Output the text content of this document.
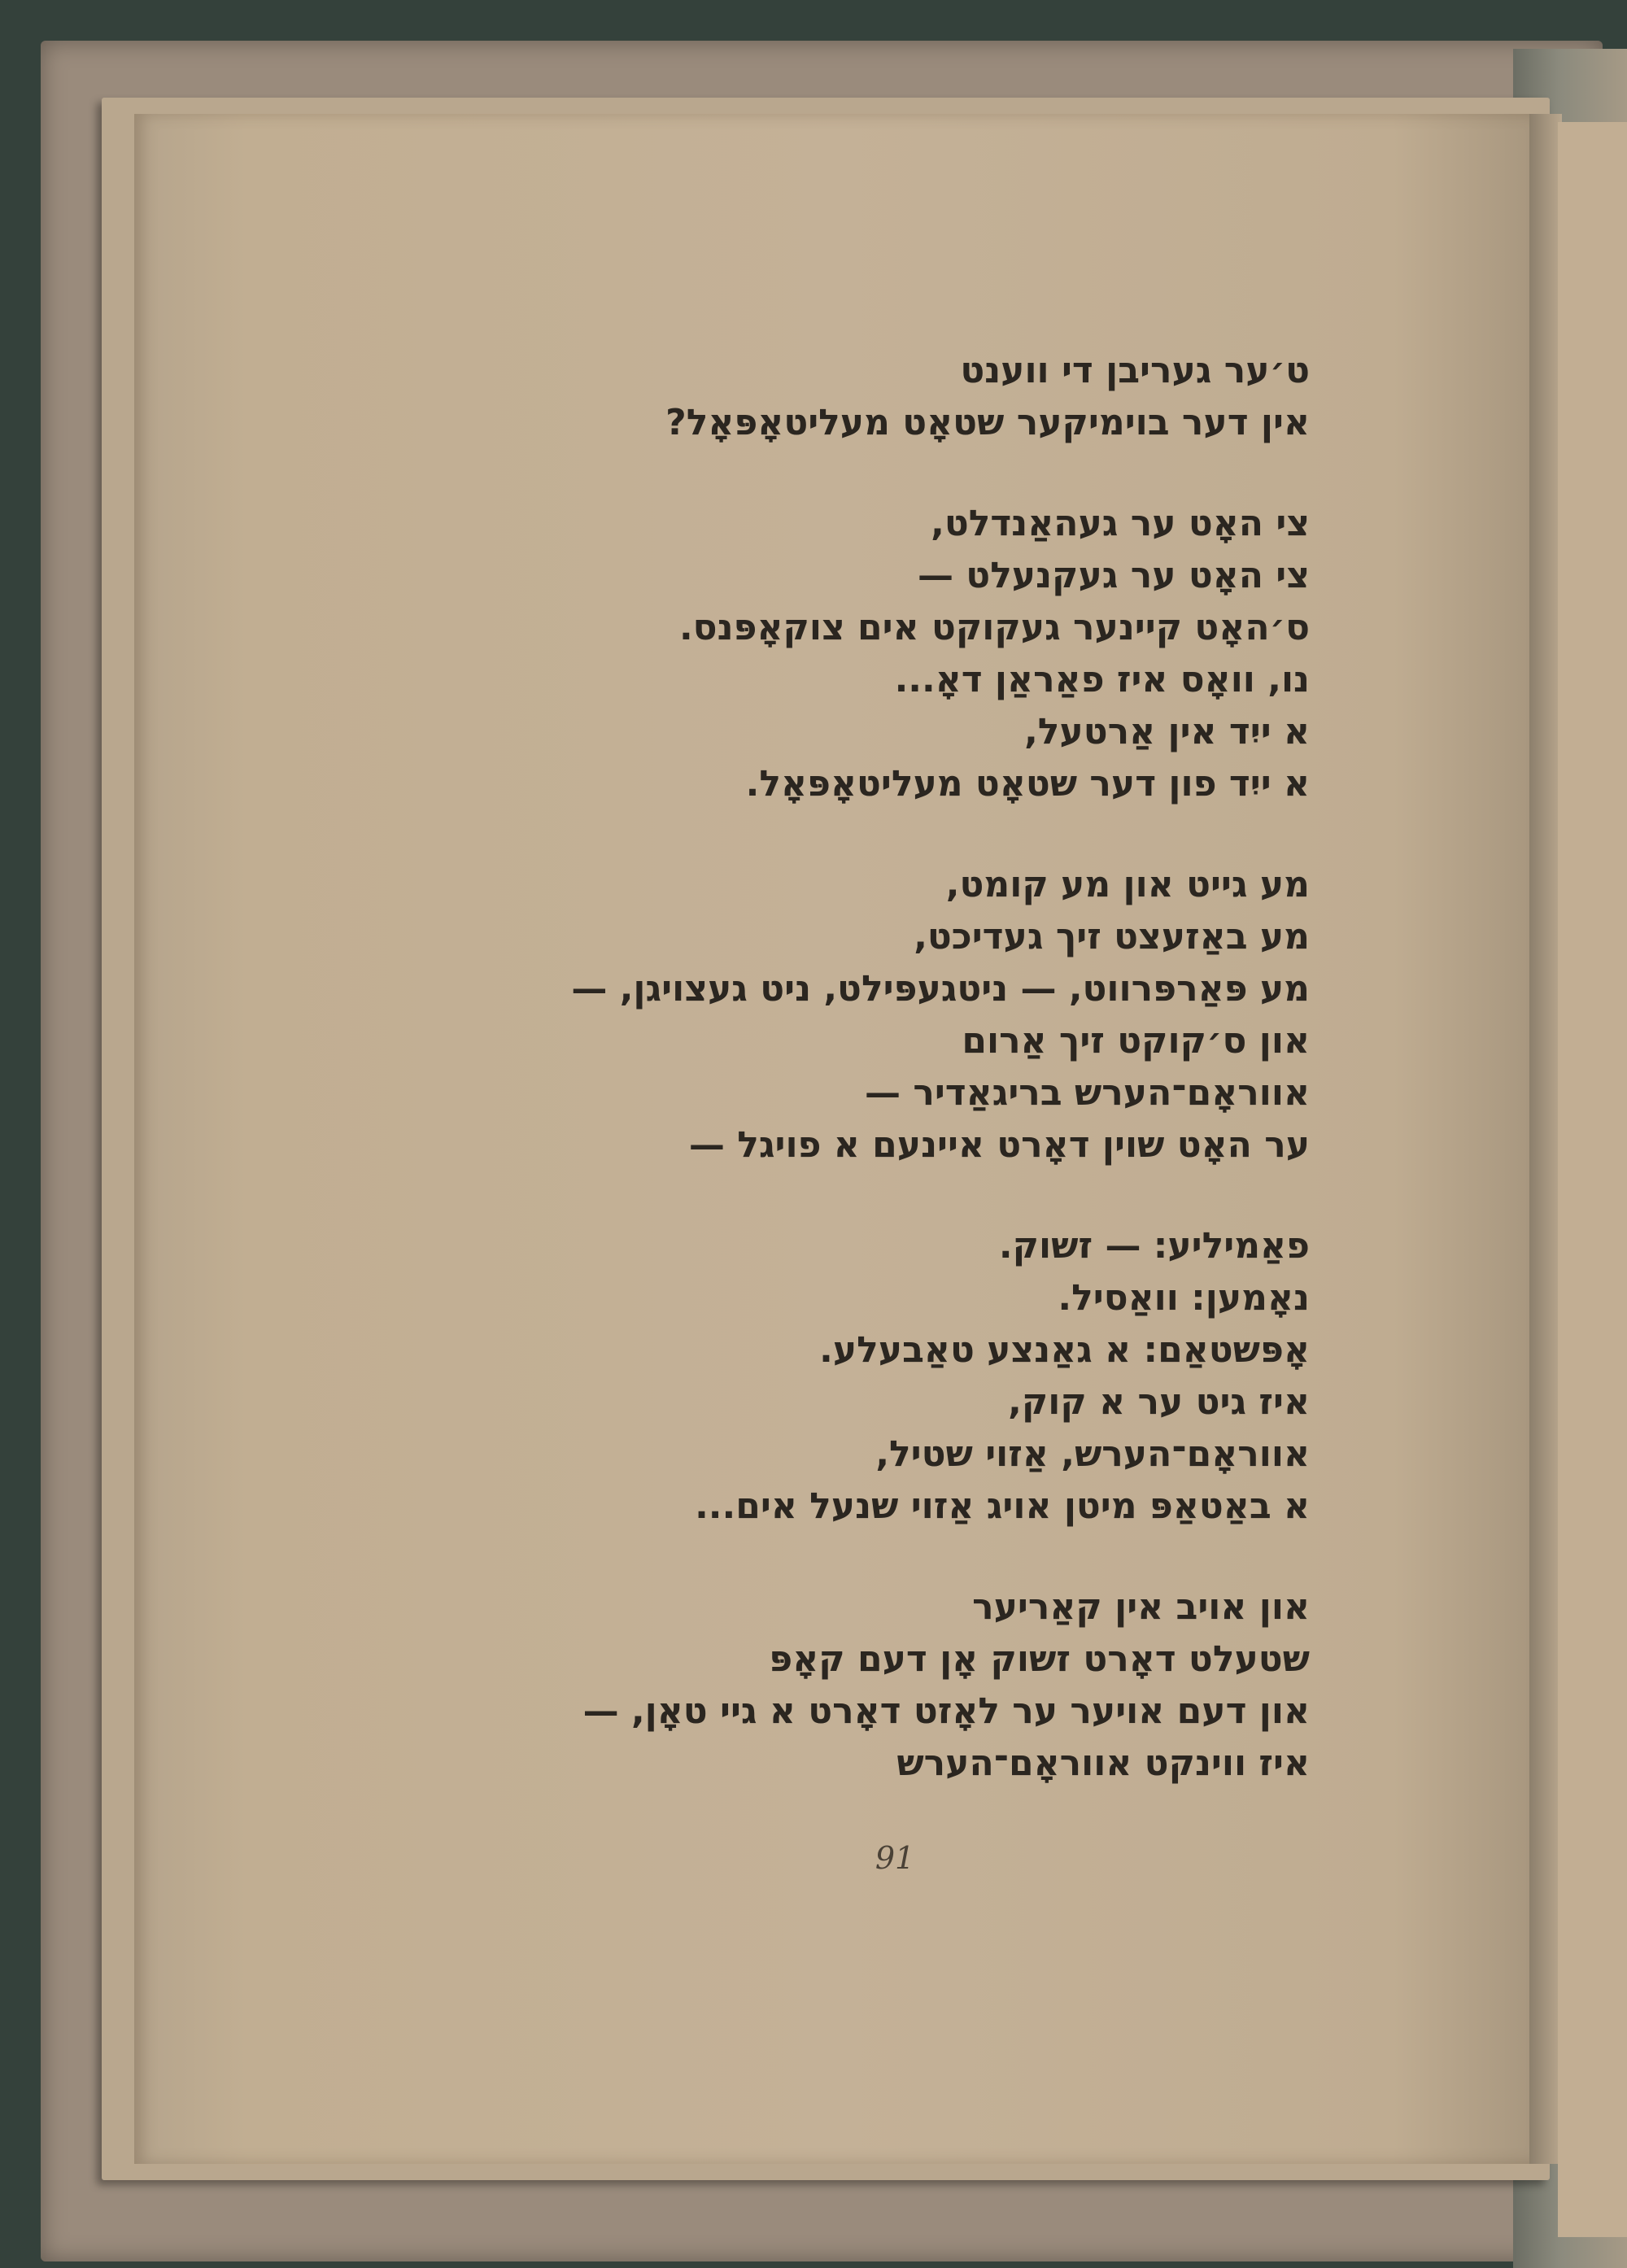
ט׳ער געריבן די ווענט
אין דער בוימיקער שטאָט מעליטאָפּאָל?
צי האָט ער געהאַנדלט,
צי האָט ער געקנעלט —
ס׳האָט קיינער געקוקט אים צוקאָפּנס.
נו, וואָס איז פאַראַן דאָ...
א ייִד אין אַרטעל,
א ייִד פון דער שטאָט מעליטאָפּאָל.
מע גייט און מע קומט,
מע באַזעצט זיך געדיכט,
מע פּאַרפּרווט, — ניטגעפּילט, ניט געצויגן, —
און ס׳קוקט זיך אַרום
אווראָם־הערש בריגאַדיר —
ער האָט שוין דאָרט איינעם א פויגל —
פאַמיליע: — זשוק.
נאָמען: וואַסיל.
אָפּשטאַם: א גאַנצע טאַבעלע.
איז גיט ער א קוק,
אווראָם־הערש, אַזוי שטיל,
א באַטאַפּ מיטן אויג אַזוי שנעל אים...
און אויב אין קאַריער
שטעלט דאָרט זשוק אָן דעם קאָפּ
און דעם אויער ער לאָזט דאָרט א גיי טאָן, —
איז ווינקט אווראָם־הערש
91
